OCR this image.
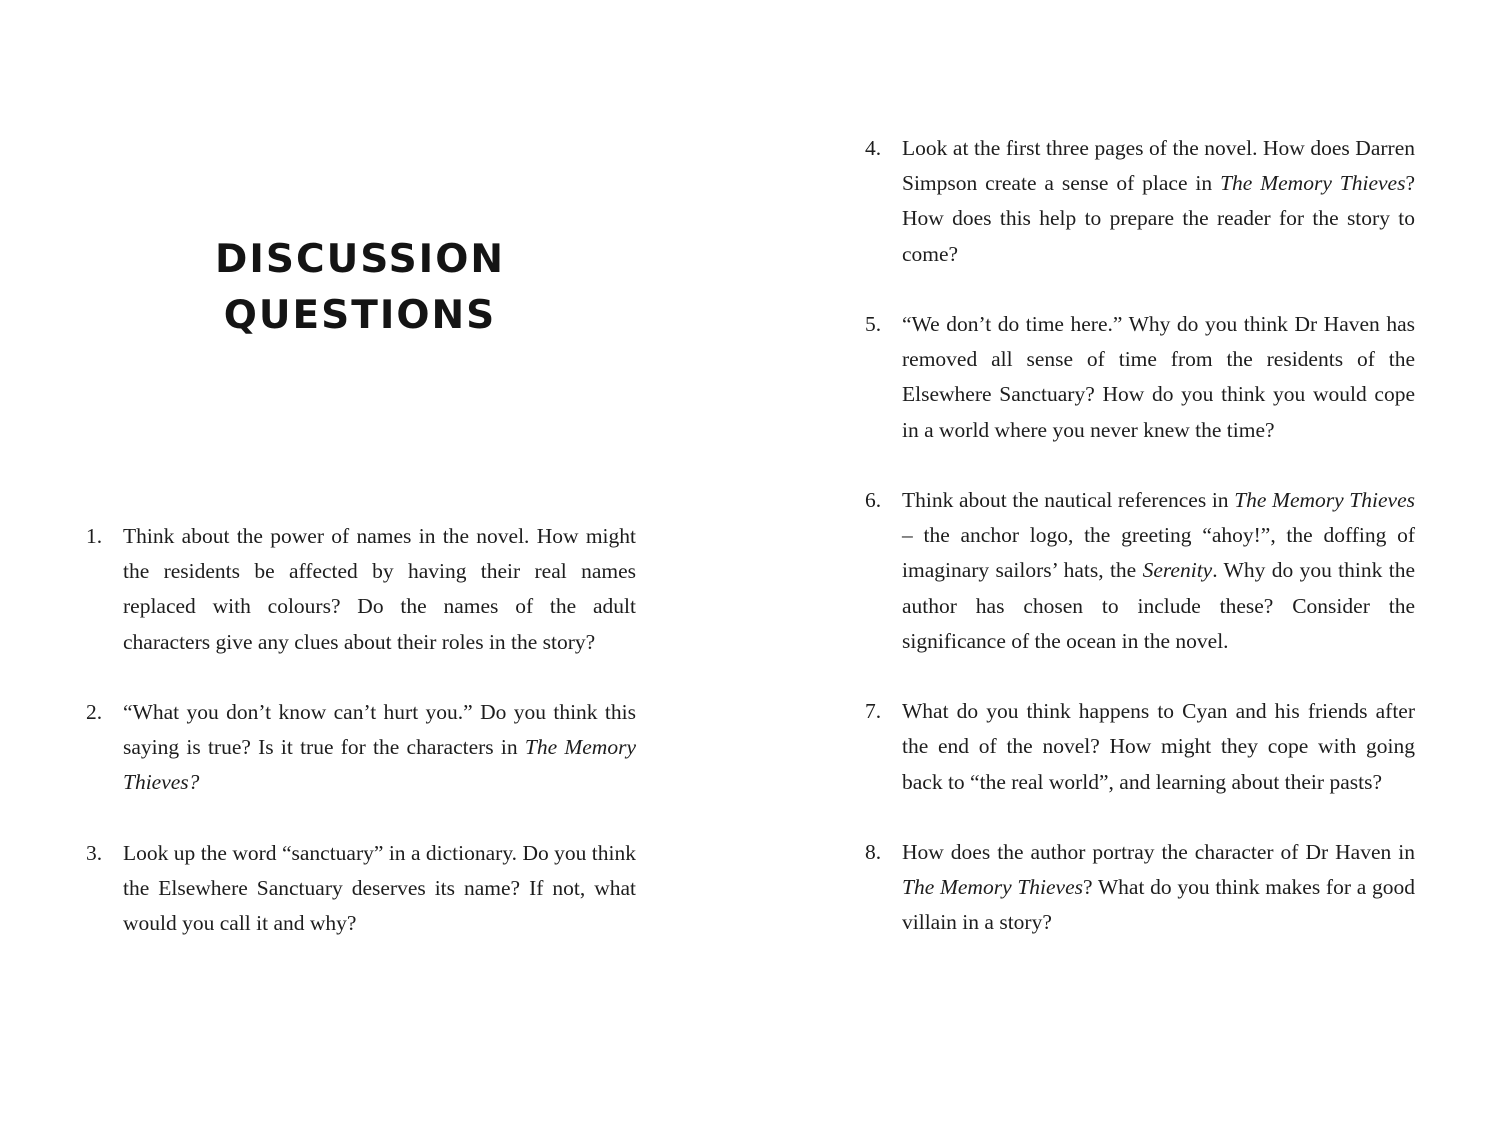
DISCUSSION
QUESTIONS
1. Think about the power of names in the novel. How might the residents be affected by having their real names replaced with colours? Do the names of the adult characters give any clues about their roles in the story?
2. “What you don’t know can’t hurt you.” Do you think this saying is true? Is it true for the characters in The Memory Thieves?
3. Look up the word “sanctuary” in a dictionary. Do you think the Elsewhere Sanctuary deserves its name? If not, what would you call it and why?
4. Look at the first three pages of the novel. How does Darren Simpson create a sense of place in The Memory Thieves? How does this help to prepare the reader for the story to come?
5. “We don’t do time here.” Why do you think Dr Haven has removed all sense of time from the residents of the Elsewhere Sanctuary? How do you think you would cope in a world where you never knew the time?
6. Think about the nautical references in The Memory Thieves – the anchor logo, the greeting “ahoy!”, the doffing of imaginary sailors’ hats, the Serenity. Why do you think the author has chosen to include these? Consider the significance of the ocean in the novel.
7. What do you think happens to Cyan and his friends after the end of the novel? How might they cope with going back to “the real world”, and learning about their pasts?
8. How does the author portray the character of Dr Haven in The Memory Thieves? What do you think makes for a good villain in a story?
